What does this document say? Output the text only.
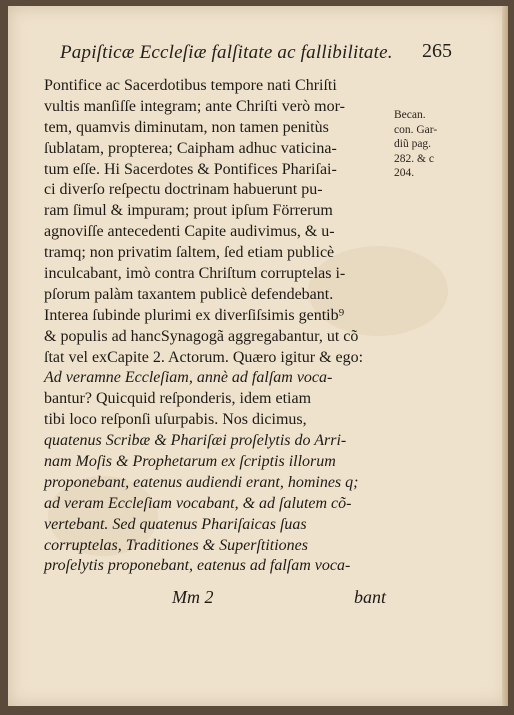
Papiſticæ Eccleſiæ falſitate ac fallibilitate. 265
Pontifice ac Sacerdotibus tempore nati Chriſti
vultis manſiſſe integram; ante Chriſti verò mor-
tem, quamvis diminutam, non tamen penitùs
ſublatam, propterea; Caipham adhuc vaticina-
tum eſſe. Hi Sacerdotes & Pontifices Phariſai-
ci diverſo reſpectu doctrinam habuerunt pu-
ram ſimul & impuram; prout ipſum Förrerum
agnoviſſe antecedenti Capite audivimus, & u-
tramq; non privatim ſaltem, ſed etiam publicè
inculcabant, imò contra Chriſtum corruptelas i-
pſorum palàm taxantem publicè defendebant.
Interea ſubinde plurimi ex diverſiſsimis gentib⁹
& populis ad hancSynagogã aggregabantur, ut cõ
ſtat vel exCapite 2. Actorum. Quæro igitur & ego:
Ad veramne Eccleſiam, annè ad falſam voca-
bantur? Quicquid reſponderis, idem etiam
tibi loco reſponſi uſurpabis. Nos dicimus,
quatenus Scribæ & Phariſæi proſelytis do Arri-
nam Moſis & Prophetarum ex ſcriptis illorum
proponebant, eatenus audiendi erant, homines q;
ad veram Eccleſiam vocabant, & ad ſalutem cõ-
vertebant. Sed quatenus Phariſaicas ſuas
corruptelas, Traditiones & Superſtitiones
proſelytis proponebant, eatenus ad falſam voca-
Becan.
con. Gar-
diũ pag.
282. & c
204.
Mm 2	bant
